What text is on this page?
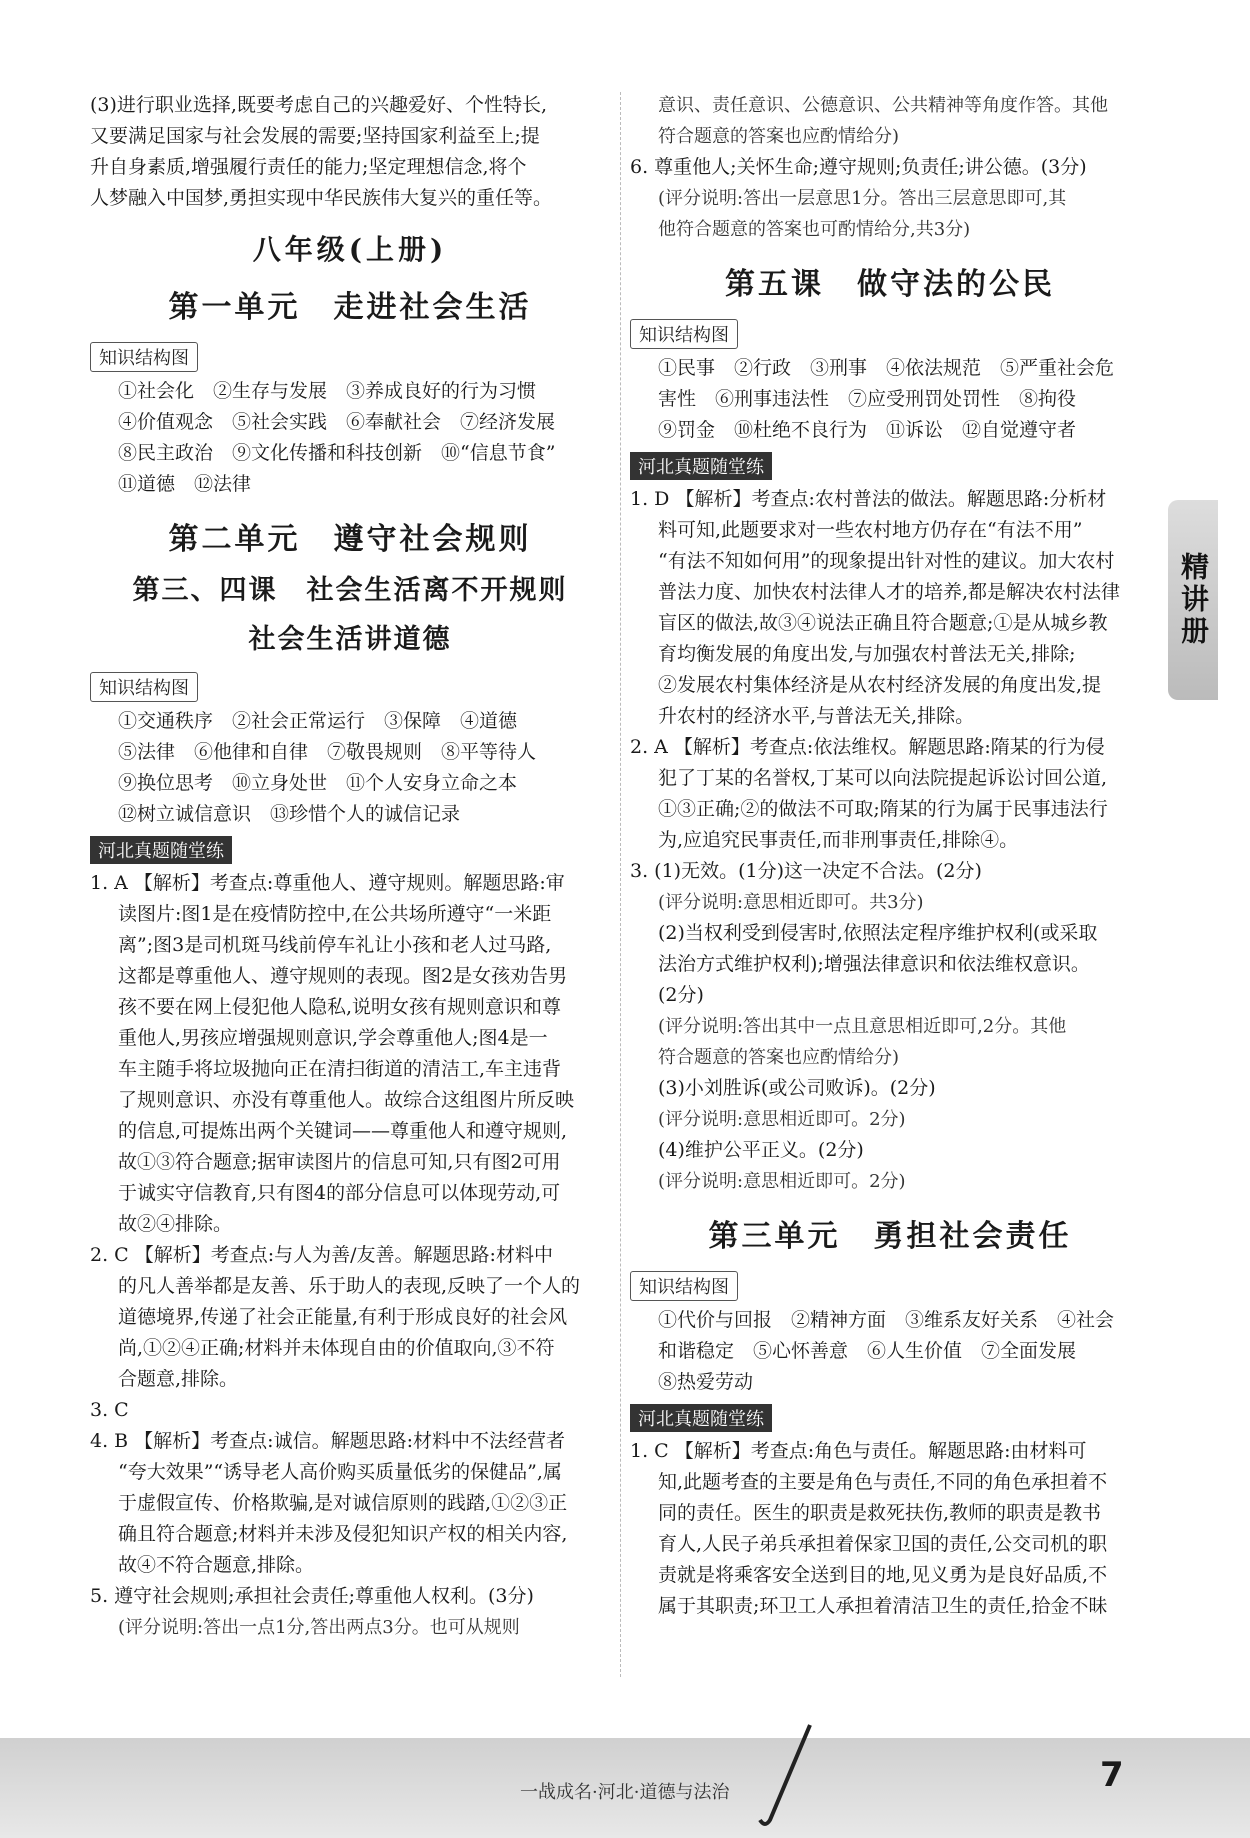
(3)进行职业选择,既要考虑自己的兴趣爱好、个性特长,

又要满足国家与社会发展的需要;坚持国家利益至上;提

升自身素质,增强履行责任的能力;坚定理想信念,将个

人梦融入中国梦,勇担实现中华民族伟大复兴的重任等。

八年级(上册)
第一单元　走进社会生活
知识结构图

①社会化　②生存与发展　③养成良好的行为习惯

④价值观念　⑤社会实践　⑥奉献社会　⑦经济发展

⑧民主政治　⑨文化传播和科技创新　⑩“信息节食”

⑪道德　⑫法律

第二单元　遵守社会规则
第三、四课　社会生活离不开规则
社会生活讲道德
知识结构图

①交通秩序　②社会正常运行　③保障　④道德

⑤法律　⑥他律和自律　⑦敬畏规则　⑧平等待人

⑨换位思考　⑩立身处世　⑪个人安身立命之本

⑫树立诚信意识　⑬珍惜个人的诚信记录

河北真题随堂练

1. A 【解析】考查点:尊重他人、遵守规则。解题思路:审

读图片:图1是在疫情防控中,在公共场所遵守“一米距

离”;图3是司机斑马线前停车礼让小孩和老人过马路,

这都是尊重他人、遵守规则的表现。图2是女孩劝告男

孩不要在网上侵犯他人隐私,说明女孩有规则意识和尊

重他人,男孩应增强规则意识,学会尊重他人;图4是一

车主随手将垃圾抛向正在清扫街道的清洁工,车主违背

了规则意识、亦没有尊重他人。故综合这组图片所反映

的信息,可提炼出两个关键词——尊重他人和遵守规则,

故①③符合题意;据审读图片的信息可知,只有图2可用

于诚实守信教育,只有图4的部分信息可以体现劳动,可

故②④排除。

2. C 【解析】考查点:与人为善/友善。解题思路:材料中

的凡人善举都是友善、乐于助人的表现,反映了一个人的

道德境界,传递了社会正能量,有利于形成良好的社会风

尚,①②④正确;材料并未体现自由的价值取向,③不符

合题意,排除。

3. C

4. B 【解析】考查点:诚信。解题思路:材料中不法经营者

“夸大效果”“诱导老人高价购买质量低劣的保健品”,属

于虚假宣传、价格欺骗,是对诚信原则的践踏,①②③正

确且符合题意;材料并未涉及侵犯知识产权的相关内容,

故④不符合题意,排除。

5. 遵守社会规则;承担社会责任;尊重他人权利。(3分)

(评分说明:答出一点1分,答出两点3分。也可从规则

意识、责任意识、公德意识、公共精神等角度作答。其他

符合题意的答案也应酌情给分)

6. 尊重他人;关怀生命;遵守规则;负责任;讲公德。(3分)

(评分说明:答出一层意思1分。答出三层意思即可,其

他符合题意的答案也可酌情给分,共3分)

第五课　做守法的公民
知识结构图

①民事　②行政　③刑事　④依法规范　⑤严重社会危

害性　⑥刑事违法性　⑦应受刑罚处罚性　⑧拘役

⑨罚金　⑩杜绝不良行为　⑪诉讼　⑫自觉遵守者

河北真题随堂练

1. D 【解析】考查点:农村普法的做法。解题思路:分析材

料可知,此题要求对一些农村地方仍存在“有法不用”

“有法不知如何用”的现象提出针对性的建议。加大农村

普法力度、加快农村法律人才的培养,都是解决农村法律

盲区的做法,故③④说法正确且符合题意;①是从城乡教

育均衡发展的角度出发,与加强农村普法无关,排除;

②发展农村集体经济是从农村经济发展的角度出发,提

升农村的经济水平,与普法无关,排除。

2. A 【解析】考查点:依法维权。解题思路:隋某的行为侵

犯了丁某的名誉权,丁某可以向法院提起诉讼讨回公道,

①③正确;②的做法不可取;隋某的行为属于民事违法行

为,应追究民事责任,而非刑事责任,排除④。

3. (1)无效。(1分)这一决定不合法。(2分)

(评分说明:意思相近即可。共3分)

(2)当权利受到侵害时,依照法定程序维护权利(或采取

法治方式维护权利);增强法律意识和依法维权意识。

(2分)

(评分说明:答出其中一点且意思相近即可,2分。其他

符合题意的答案也应酌情给分)

(3)小刘胜诉(或公司败诉)。(2分)

(评分说明:意思相近即可。2分)

(4)维护公平正义。(2分)

(评分说明:意思相近即可。2分)

第三单元　勇担社会责任
知识结构图

①代价与回报　②精神方面　③维系友好关系　④社会

和谐稳定　⑤心怀善意　⑥人生价值　⑦全面发展

⑧热爱劳动

河北真题随堂练

1. C 【解析】考查点:角色与责任。解题思路:由材料可

知,此题考查的主要是角色与责任,不同的角色承担着不

同的责任。医生的职责是救死扶伤,教师的职责是教书

育人,人民子弟兵承担着保家卫国的责任,公交司机的职

责就是将乘客安全送到目的地,见义勇为是良好品质,不

属于其职责;环卫工人承担着清洁卫生的责任,拾金不昧

精讲册
一战成名·河北·道德与法治	7
